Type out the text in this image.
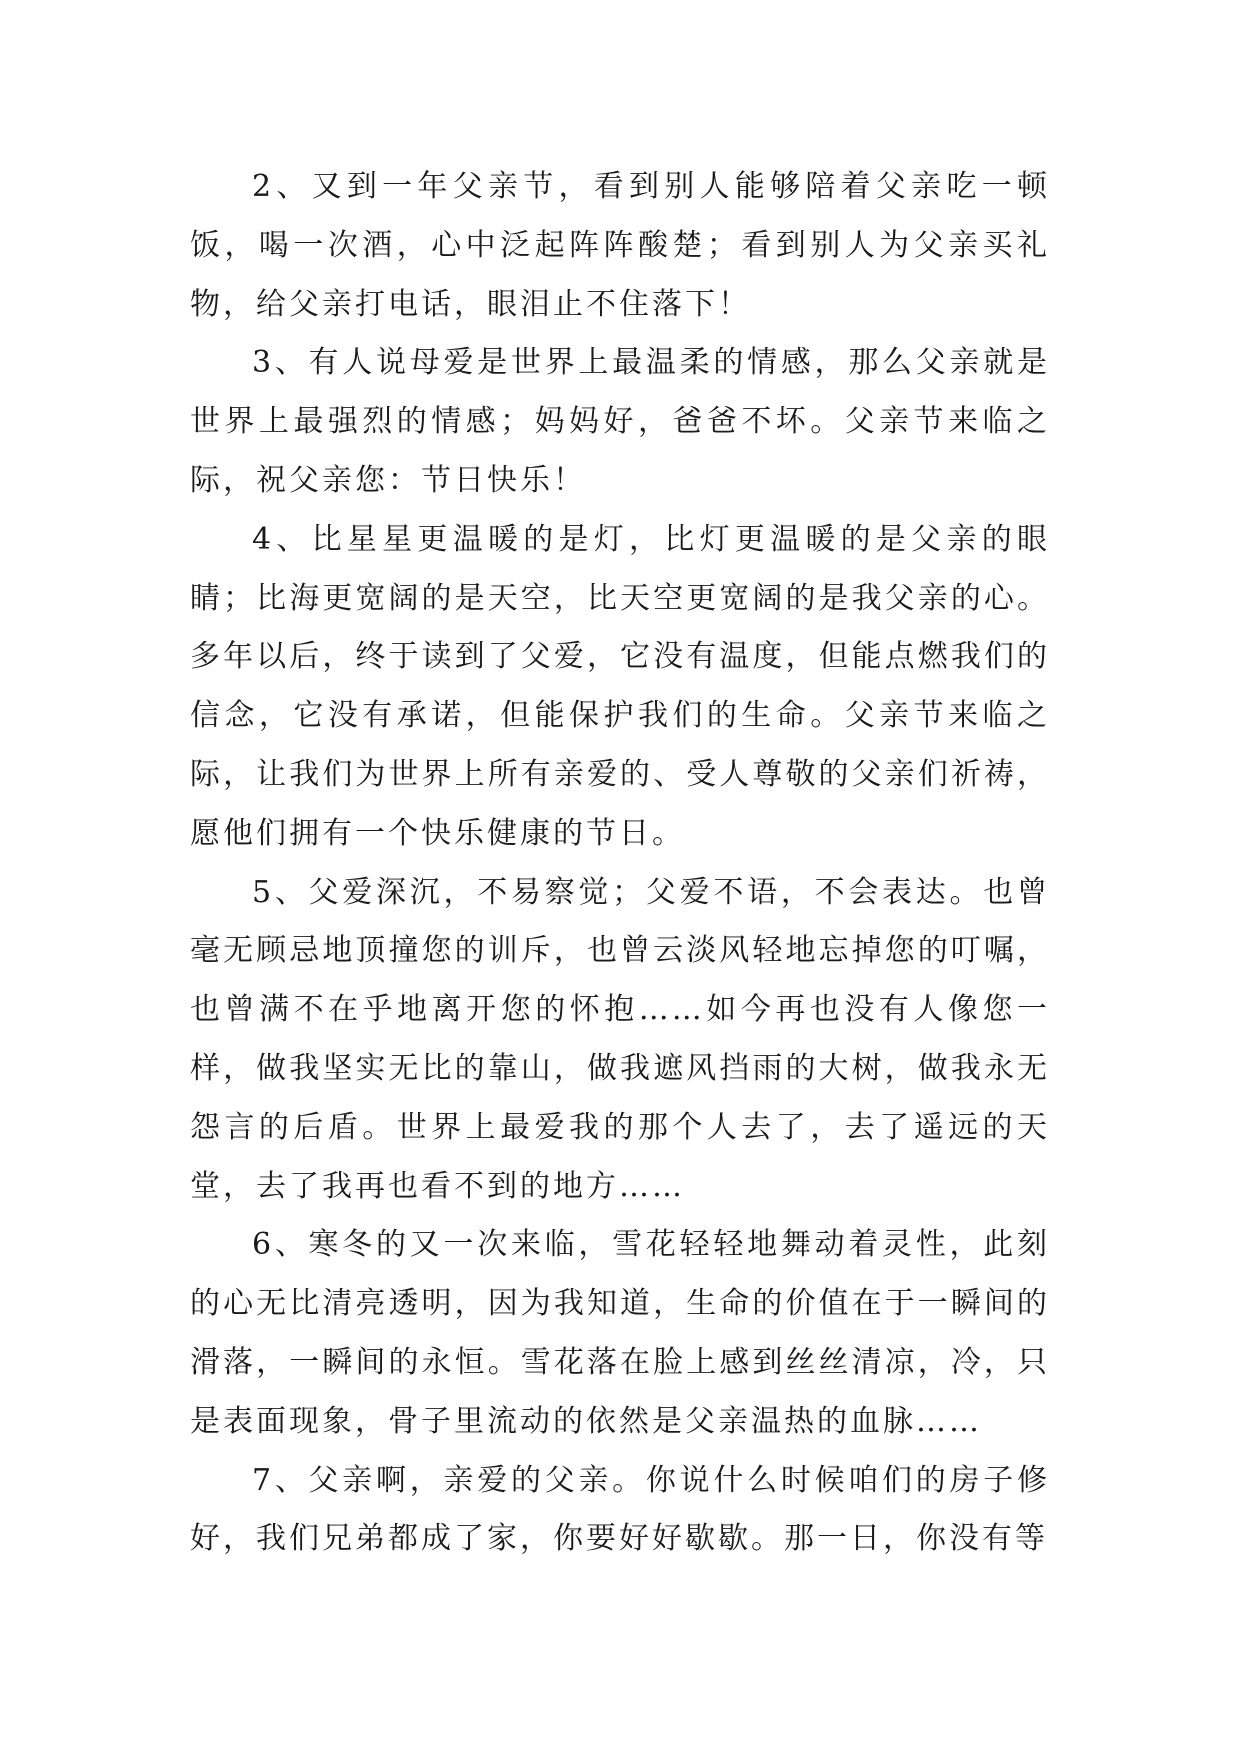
2、又到一年父亲节，看到别人能够陪着父亲吃一顿饭，喝一次酒，心中泛起阵阵酸楚；看到别人为父亲买礼物，给父亲打电话，眼泪止不住落下！

3、有人说母爱是世界上最温柔的情感，那么父亲就是世界上最强烈的情感；妈妈好，爸爸不坏。父亲节来临之际，祝父亲您：节日快乐！

4、比星星更温暖的是灯，比灯更温暖的是父亲的眼睛；比海更宽阔的是天空，比天空更宽阔的是我父亲的心。多年以后，终于读到了父爱，它没有温度，但能点燃我们的信念，它没有承诺，但能保护我们的生命。父亲节来临之际，让我们为世界上所有亲爱的、受人尊敬的父亲们祈祷，愿他们拥有一个快乐健康的节日。

5、父爱深沉，不易察觉；父爱不语，不会表达。也曾毫无顾忌地顶撞您的训斥，也曾云淡风轻地忘掉您的叮嘱，也曾满不在乎地离开您的怀抱……如今再也没有人像您一样，做我坚实无比的靠山，做我遮风挡雨的大树，做我永无怨言的后盾。世界上最爱我的那个人去了，去了遥远的天堂，去了我再也看不到的地方……

6、寒冬的又一次来临，雪花轻轻地舞动着灵性，此刻的心无比清亮透明，因为我知道，生命的价值在于一瞬间的滑落，一瞬间的永恒。雪花落在脸上感到丝丝清凉，冷，只是表面现象，骨子里流动的依然是父亲温热的血脉……

7、父亲啊，亲爱的父亲。你说什么时候咱们的房子修好，我们兄弟都成了家，你要好好歇歇。那一日，你没有等
